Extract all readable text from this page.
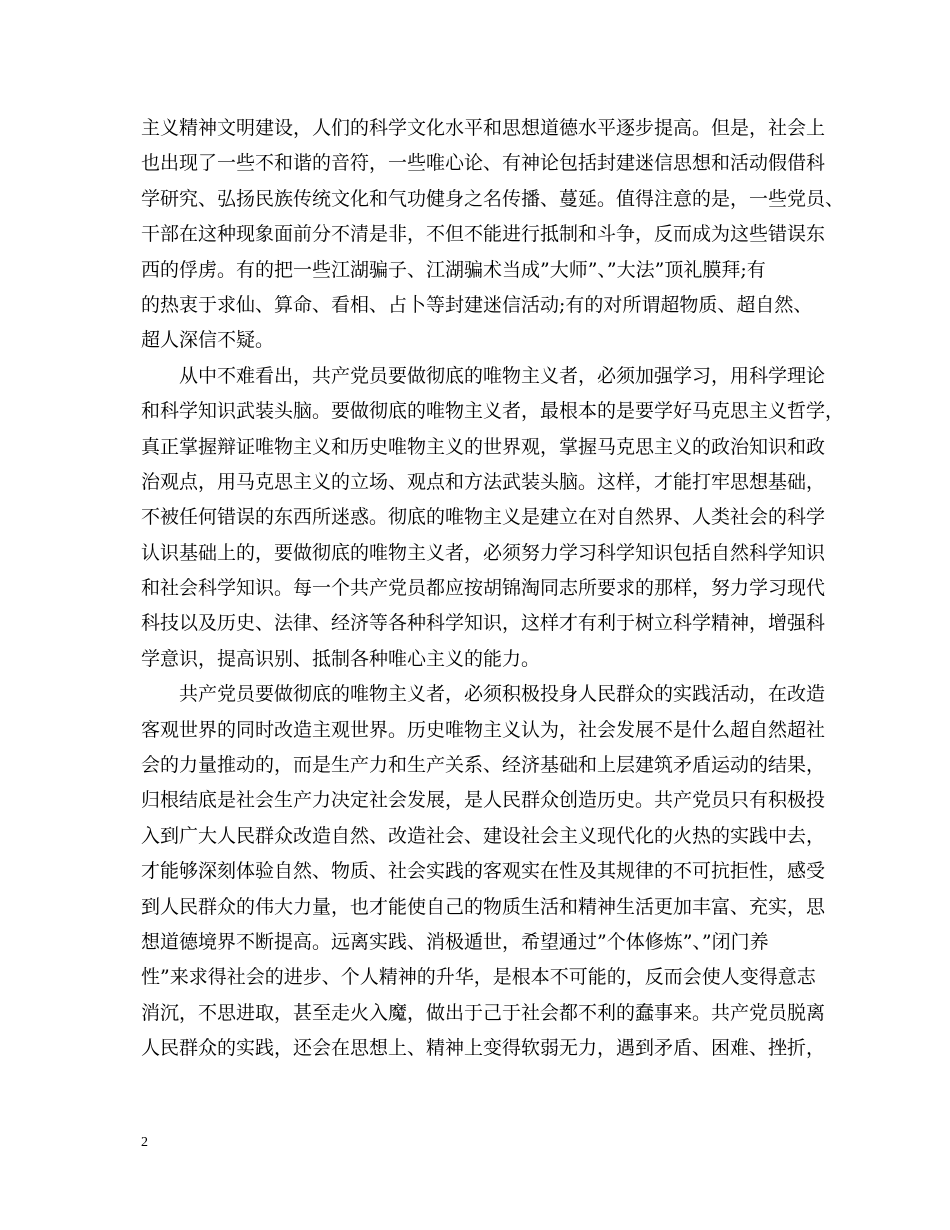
主义精神文明建设，人们的科学文化水平和思想道德水平逐步提高。但是，社会上
也出现了一些不和谐的音符，一些唯心论、有神论包括封建迷信思想和活动假借科
学研究、弘扬民族传统文化和气功健身之名传播、蔓延。值得注意的是，一些党员、
干部在这种现象面前分不清是非，不但不能进行抵制和斗争，反而成为这些错误东
西的俘虏。有的把一些江湖骗子、江湖骗术当成”大师”、”大法”顶礼膜拜;有
的热衷于求仙、算命、看相、占卜等封建迷信活动;有的对所谓超物质、超自然、
超人深信不疑。
　　从中不难看出，共产党员要做彻底的唯物主义者，必须加强学习，用科学理论
和科学知识武装头脑。要做彻底的唯物主义者，最根本的是要学好马克思主义哲学，
真正掌握辩证唯物主义和历史唯物主义的世界观，掌握马克思主义的政治知识和政
治观点，用马克思主义的立场、观点和方法武装头脑。这样，才能打牢思想基础，
不被任何错误的东西所迷惑。彻底的唯物主义是建立在对自然界、人类社会的科学
认识基础上的，要做彻底的唯物主义者，必须努力学习科学知识包括自然科学知识
和社会科学知识。每一个共产党员都应按胡锦淘同志所要求的那样，努力学习现代
科技以及历史、法律、经济等各种科学知识，这样才有利于树立科学精神，增强科
学意识，提高识别、抵制各种唯心主义的能力。
　　共产党员要做彻底的唯物主义者，必须积极投身人民群众的实践活动，在改造
客观世界的同时改造主观世界。历史唯物主义认为，社会发展不是什么超自然超社
会的力量推动的，而是生产力和生产关系、经济基础和上层建筑矛盾运动的结果，
归根结底是社会生产力决定社会发展，是人民群众创造历史。共产党员只有积极投
入到广大人民群众改造自然、改造社会、建设社会主义现代化的火热的实践中去，
才能够深刻体验自然、物质、社会实践的客观实在性及其规律的不可抗拒性，感受
到人民群众的伟大力量，也才能使自己的物质生活和精神生活更加丰富、充实，思
想道德境界不断提高。远离实践、消极遁世，希望通过”个体修炼”、”闭门养
性”来求得社会的进步、个人精神的升华，是根本不可能的，反而会使人变得意志
消沉，不思进取，甚至走火入魔，做出于己于社会都不利的蠢事来。共产党员脱离
人民群众的实践，还会在思想上、精神上变得软弱无力，遇到矛盾、困难、挫折，
2
